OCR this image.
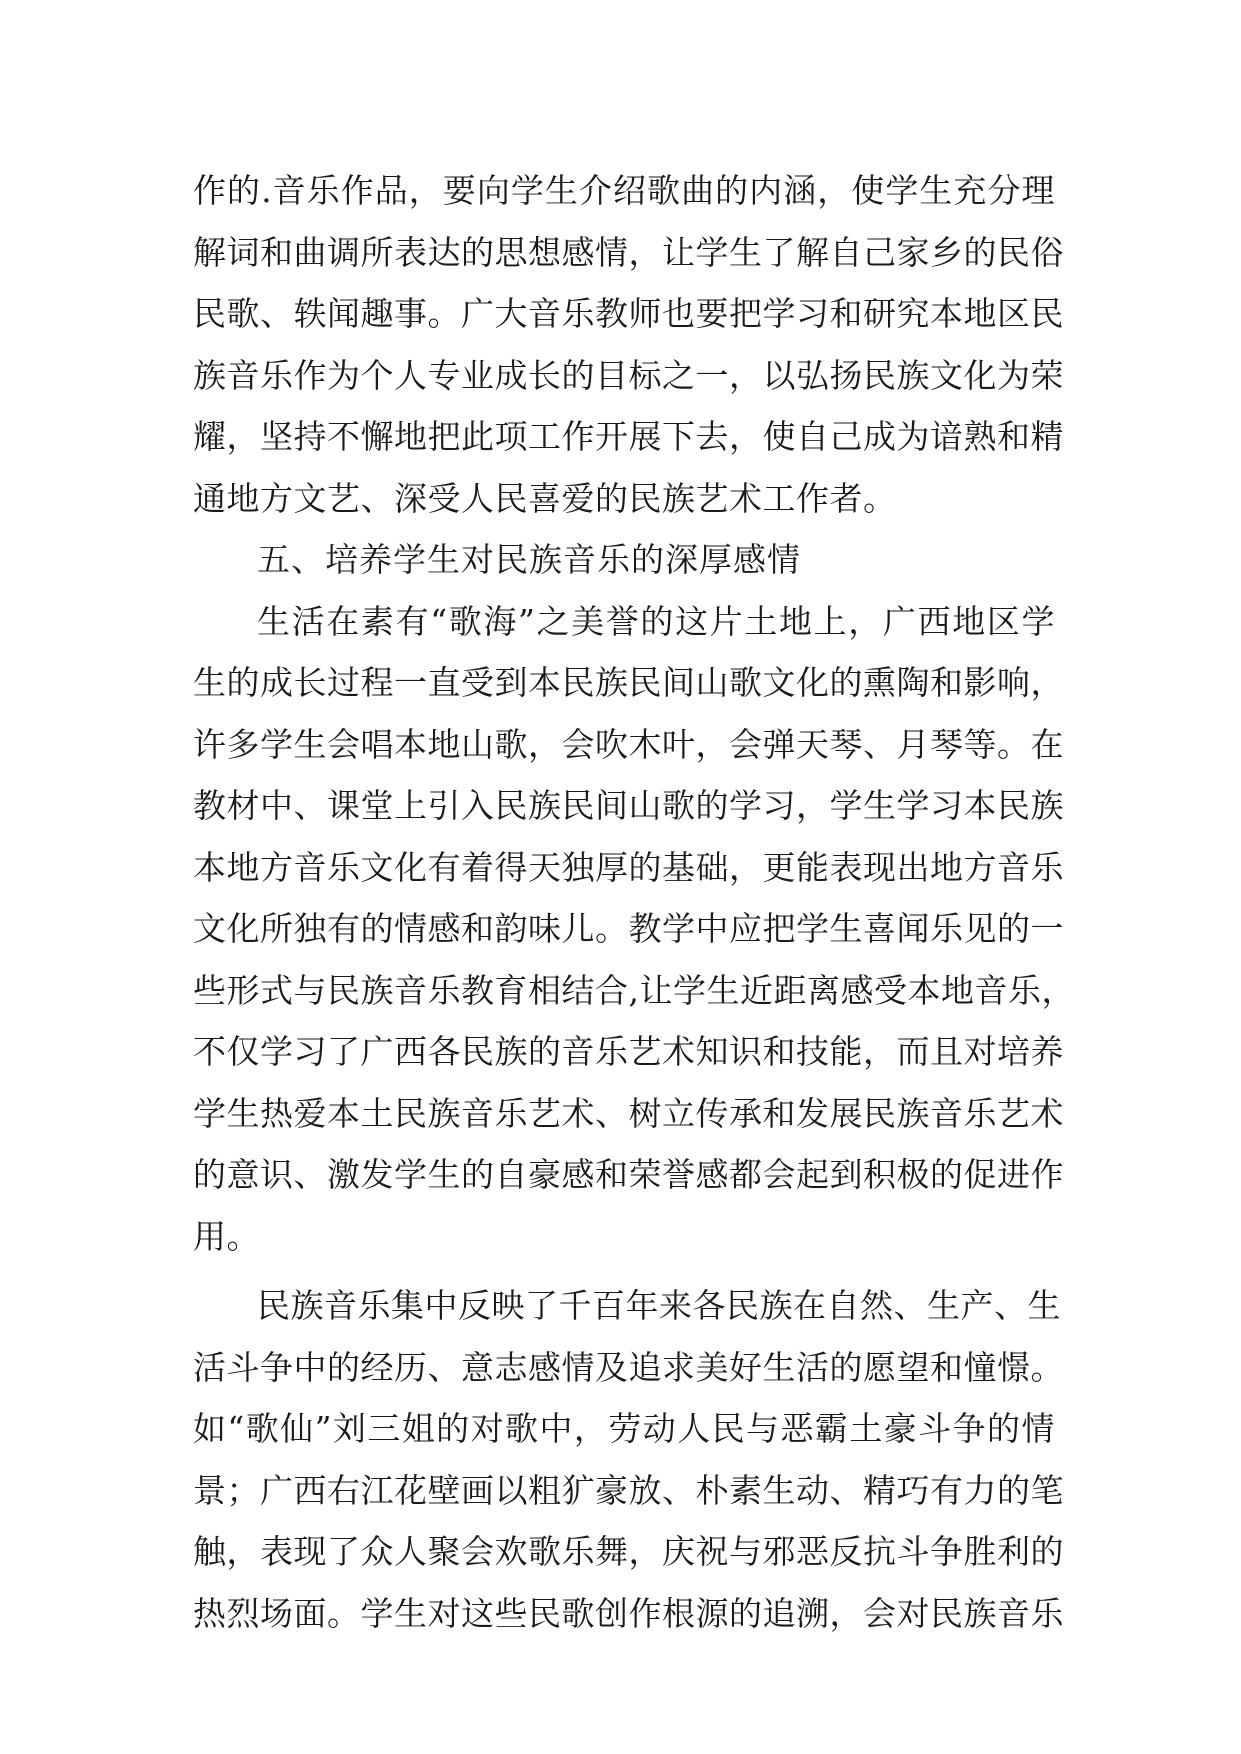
作的.音乐作品，要向学生介绍歌曲的内涵，使学生充分理
解词和曲调所表达的思想感情，让学生了解自己家乡的民俗
民歌、轶闻趣事。广大音乐教师也要把学习和研究本地区民
族音乐作为个人专业成长的目标之一，以弘扬民族文化为荣
耀，坚持不懈地把此项工作开展下去，使自己成为谙熟和精
通地方文艺、深受人民喜爱的民族艺术工作者。
五、培养学生对民族音乐的深厚感情
生活在素有“歌海”之美誉的这片土地上，广西地区学
生的成长过程一直受到本民族民间山歌文化的熏陶和影响，
许多学生会唱本地山歌，会吹木叶，会弹天琴、月琴等。在
教材中、课堂上引入民族民间山歌的学习，学生学习本民族
本地方音乐文化有着得天独厚的基础，更能表现出地方音乐
文化所独有的情感和韵味儿。教学中应把学生喜闻乐见的一
些形式与民族音乐教育相结合,让学生近距离感受本地音乐，
不仅学习了广西各民族的音乐艺术知识和技能，而且对培养
学生热爱本土民族音乐艺术、树立传承和发展民族音乐艺术
的意识、激发学生的自豪感和荣誉感都会起到积极的促进作
用。
民族音乐集中反映了千百年来各民族在自然、生产、生
活斗争中的经历、意志感情及追求美好生活的愿望和憧憬。
如“歌仙”刘三姐的对歌中，劳动人民与恶霸土豪斗争的情
景；广西右江花壁画以粗犷豪放、朴素生动、精巧有力的笔
触，表现了众人聚会欢歌乐舞，庆祝与邪恶反抗斗争胜利的
热烈场面。学生对这些民歌创作根源的追溯，会对民族音乐
